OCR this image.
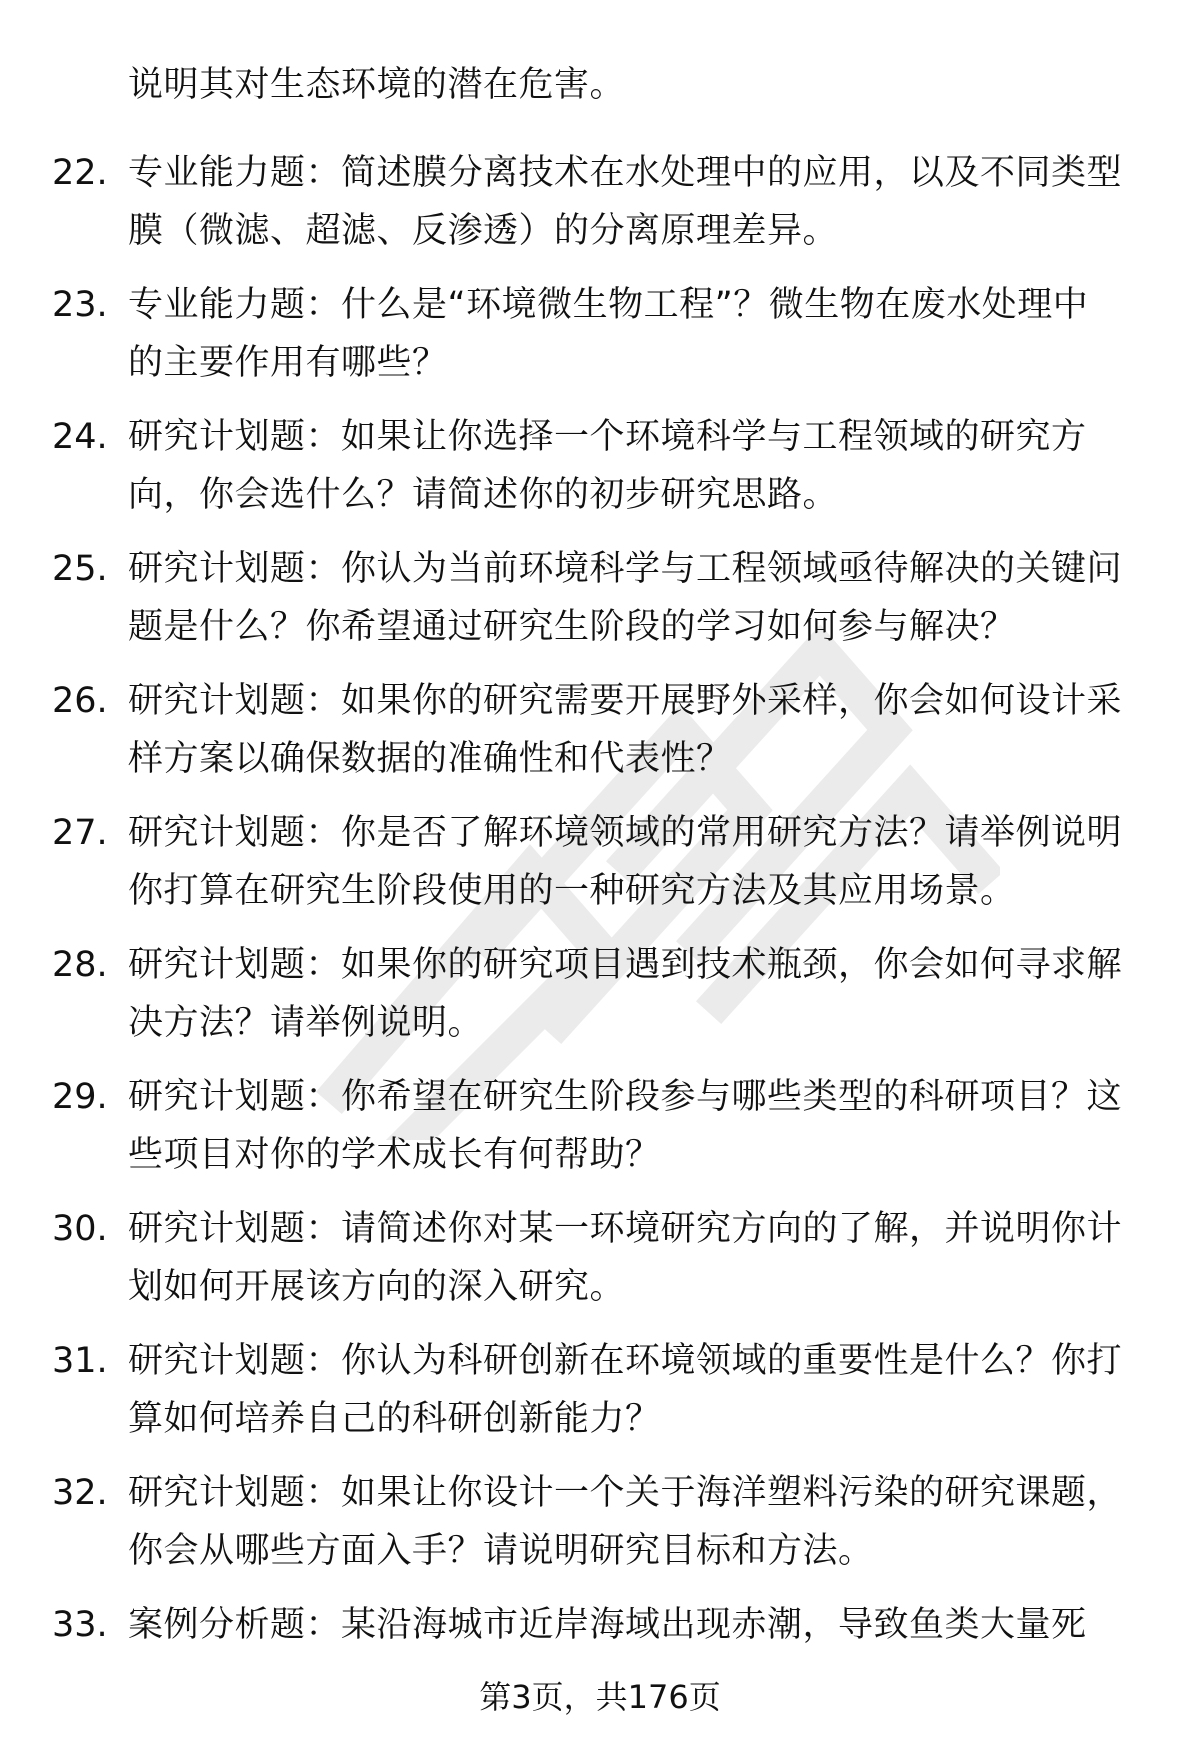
说明其对生态环境的潜在危害。
22. 专业能力题：简述膜分离技术在水处理中的应用，以及不同类型
膜（微滤、超滤、反渗透）的分离原理差异。
23. 专业能力题：什么是“环境微生物工程”？微生物在废水处理中
的主要作用有哪些？
24. 研究计划题：如果让你选择一个环境科学与工程领域的研究方
向，你会选什么？请简述你的初步研究思路。
25. 研究计划题：你认为当前环境科学与工程领域亟待解决的关键问
题是什么？你希望通过研究生阶段的学习如何参与解决？
26. 研究计划题：如果你的研究需要开展野外采样，你会如何设计采
样方案以确保数据的准确性和代表性？
27. 研究计划题：你是否了解环境领域的常用研究方法？请举例说明
你打算在研究生阶段使用的一种研究方法及其应用场景。
28. 研究计划题：如果你的研究项目遇到技术瓶颈，你会如何寻求解
决方法？请举例说明。
29. 研究计划题：你希望在研究生阶段参与哪些类型的科研项目？这
些项目对你的学术成长有何帮助？
30. 研究计划题：请简述你对某一环境研究方向的了解，并说明你计
划如何开展该方向的深入研究。
31. 研究计划题：你认为科研创新在环境领域的重要性是什么？你打
算如何培养自己的科研创新能力？
32. 研究计划题：如果让你设计一个关于海洋塑料污染的研究课题，
你会从哪些方面入手？请说明研究目标和方法。
33. 案例分析题：某沿海城市近岸海域出现赤潮，导致鱼类大量死
第3页，共176页
